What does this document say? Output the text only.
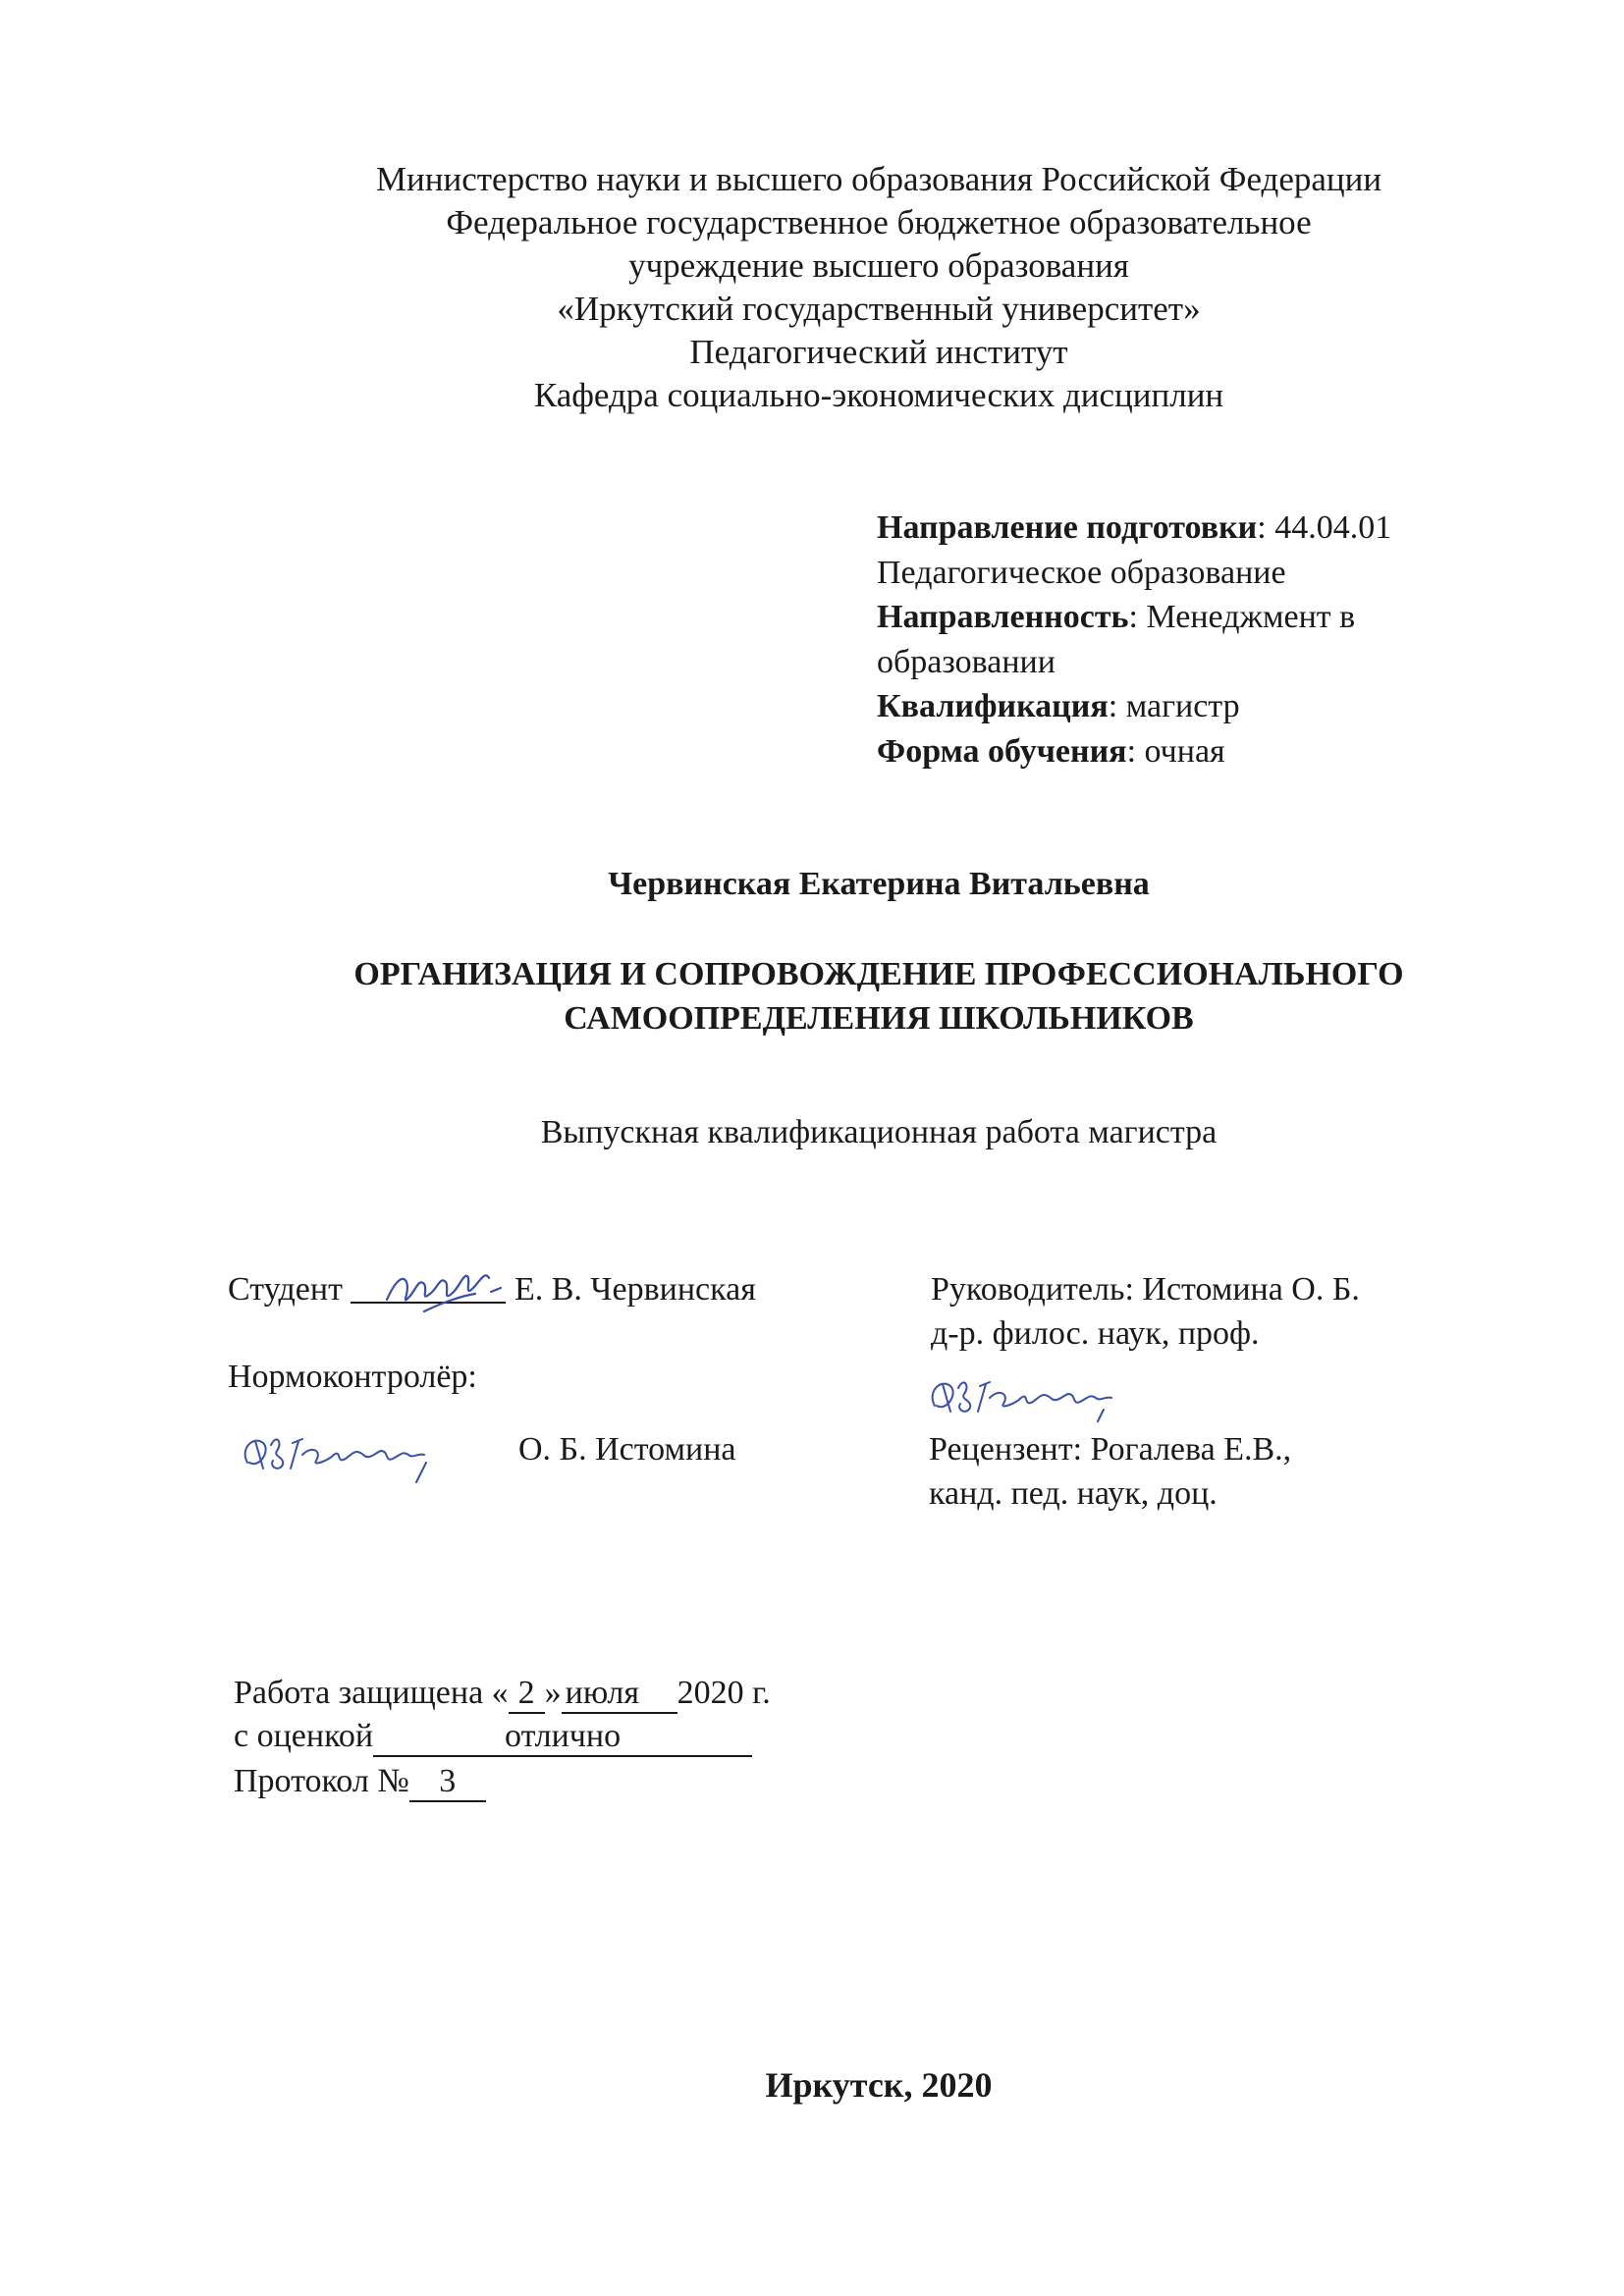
Министерство науки и высшего образования Российской Федерации
Федеральное государственное бюджетное образовательное
учреждение высшего образования
«Иркутский государственный университет»
Педагогический институт
Кафедра социально-экономических дисциплин
Направление подготовки: 44.04.01
Педагогическое образование
Направленность: Менеджмент в
образовании
Квалификация: магистр
Форма обучения: очная
Червинская Екатерина Витальевна
ОРГАНИЗАЦИЯ И СОПРОВОЖДЕНИЕ ПРОФЕССИОНАЛЬНОГО
САМООПРЕДЕЛЕНИЯ ШКОЛЬНИКОВ
Выпускная квалификационная работа магистра
Студент	Е. В. Червинская	Руководитель: Истомина О. Б.
д-р. филос. наук, проф.
Нормоконтролёр:
О. Б. Истомина	Рецензент: Рогалева Е.В.,
канд. пед. наук, доц.
Работа защищена « 2 » июля 2020 г.
с оценкой	отлично
Протокол № 3
Иркутск, 2020
